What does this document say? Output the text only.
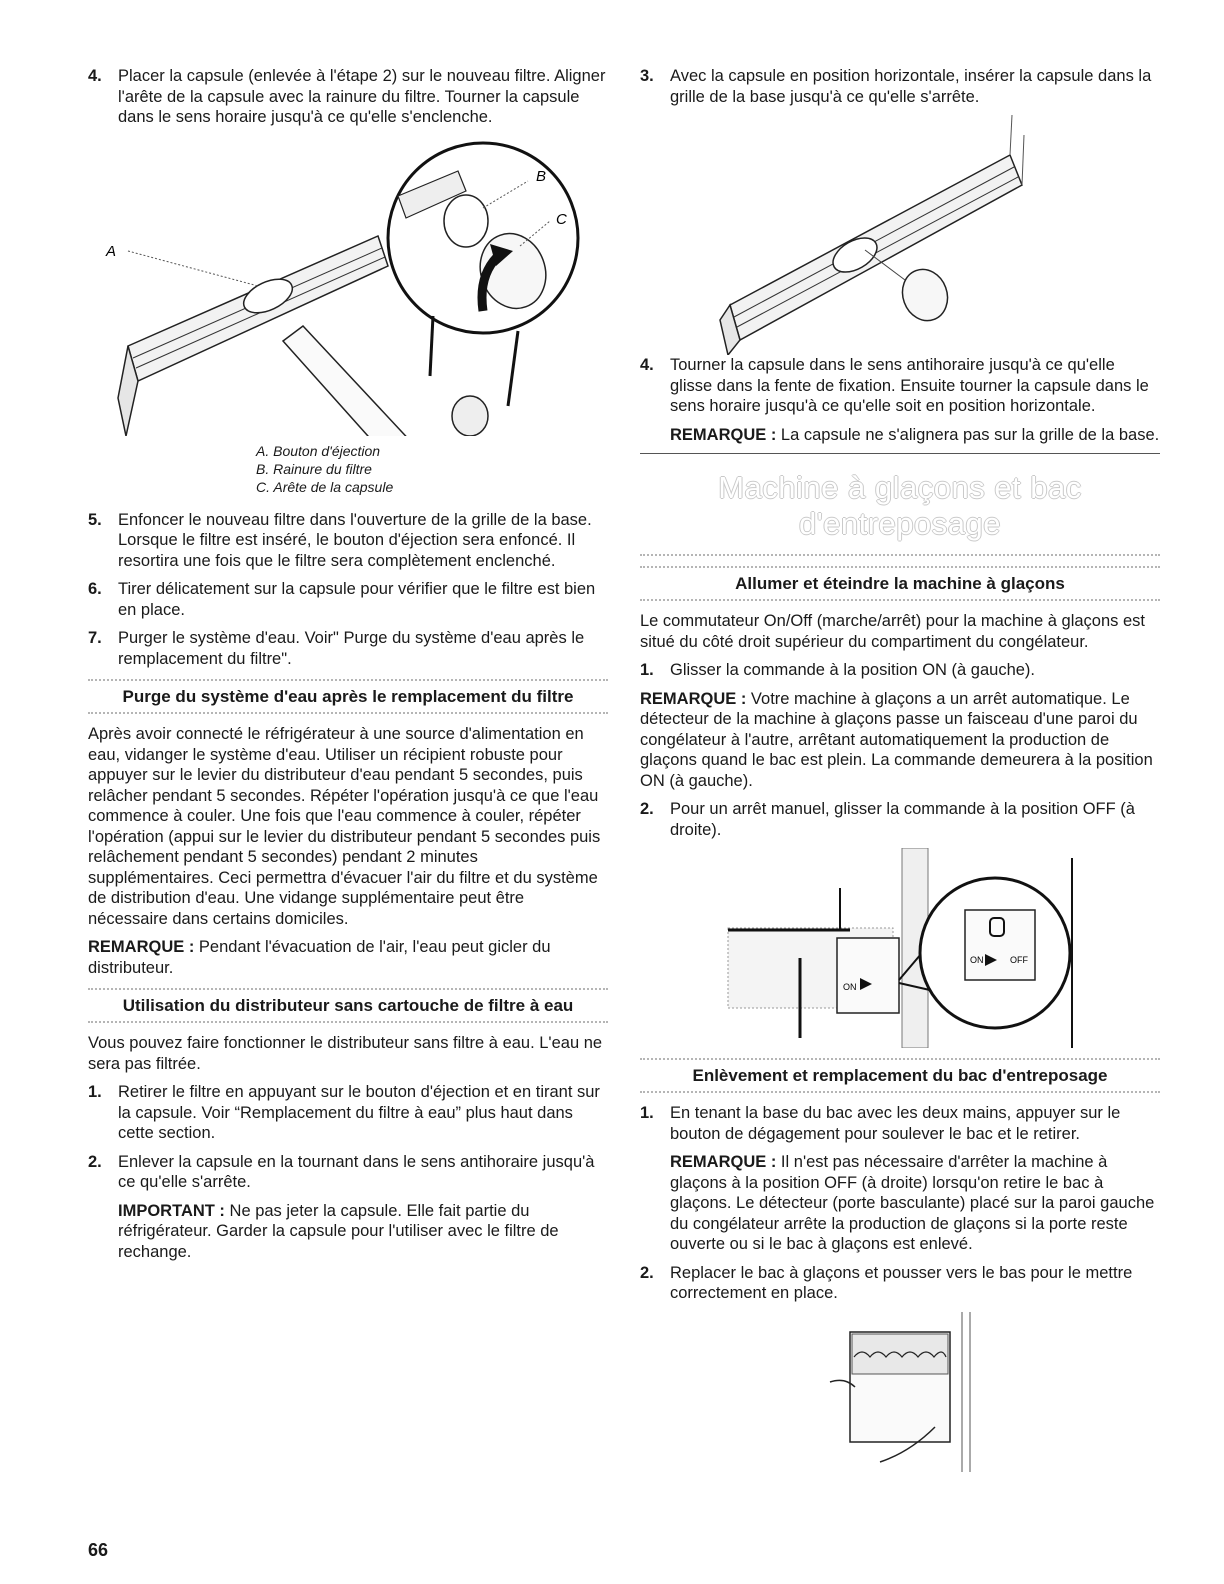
4. Placer la capsule (enlevée à l'étape 2) sur le nouveau filtre. Aligner l'arête de la capsule avec la rainure du filtre. Tourner la capsule dans le sens horaire jusqu'à ce qu'elle s'enclenche.
A
B
C
A. Bouton d'éjection
B. Rainure du filtre
C. Arête de la capsule
5. Enfoncer le nouveau filtre dans l'ouverture de la grille de la base. Lorsque le filtre est inséré, le bouton d'éjection sera enfoncé. Il resortira une fois que le filtre sera complètement enclenché.
6. Tirer délicatement sur la capsule pour vérifier que le filtre est bien en place.
7. Purger le système d'eau. Voir" Purge du système d'eau après le remplacement du filtre".
Purge du système d'eau après le remplacement du filtre

Après avoir connecté le réfrigérateur à une source d'alimentation en eau, vidanger le système d'eau. Utiliser un récipient robuste pour appuyer sur le levier du distributeur d'eau pendant 5 secondes, puis relâcher pendant 5 secondes. Répéter l'opération jusqu'à ce que l'eau commence à couler. Une fois que l'eau commence à couler, répéter l'opération (appui sur le levier du distributeur pendant 5 secondes puis relâchement pendant 5 secondes) pendant 2 minutes supplémentaires. Ceci permettra d'évacuer l'air du filtre et du système de distribution d'eau. Une vidange supplémentaire peut être nécessaire dans certains domiciles.

REMARQUE : Pendant l'évacuation de l'air, l'eau peut gicler du distributeur.

Utilisation du distributeur sans cartouche de filtre à eau

Vous pouvez faire fonctionner le distributeur sans filtre à eau. L'eau ne sera pas filtrée.

1. Retirer le filtre en appuyant sur le bouton d'éjection et en tirant sur la capsule. Voir “Remplacement du filtre à eau” plus haut dans cette section.
2. Enlever la capsule en la tournant dans le sens antihoraire jusqu'à ce qu'elle s'arrête.

IMPORTANT : Ne pas jeter la capsule. Elle fait partie du réfrigérateur. Garder la capsule pour l'utiliser avec le filtre de rechange.

3. Avec la capsule en position horizontale, insérer la capsule dans la grille de la base jusqu'à ce qu'elle s'arrête.
4. Tourner la capsule dans le sens antihoraire jusqu'à ce qu'elle glisse dans la fente de fixation. Ensuite tourner la capsule dans le sens horaire jusqu'à ce qu'elle soit en position horizontale.

REMARQUE : La capsule ne s'alignera pas sur la grille de la base.

Machine à glaçons et bac d'entreposage
Allumer et éteindre la machine à glaçons

Le commutateur On/Off (marche/arrêt) pour la machine à glaçons est situé du côté droit supérieur du compartiment du congélateur.

1. Glisser la commande à la position ON (à gauche).

REMARQUE : Votre machine à glaçons a un arrêt automatique. Le détecteur de la machine à glaçons passe un faisceau d'une paroi du congélateur à l'autre, arrêtant automatiquement la production de glaçons quand le bac est plein. La commande demeurera à la position ON (à gauche).

2. Pour un arrêt manuel, glisser la commande à la position OFF (à droite).
ON
ON	OFF
Enlèvement et remplacement du bac d'entreposage
1. En tenant la base du bac avec les deux mains, appuyer sur le bouton de dégagement pour soulever le bac et le retirer.

REMARQUE : Il n'est pas nécessaire d'arrêter la machine à glaçons à la position OFF (à droite) lorsqu'on retire le bac à glaçons. Le détecteur (porte basculante) placé sur la paroi gauche du congélateur arrête la production de glaçons si la porte reste ouverte ou si le bac à glaçons est enlevé.

2. Replacer le bac à glaçons et pousser vers le bas pour le mettre correctement en place.
66
